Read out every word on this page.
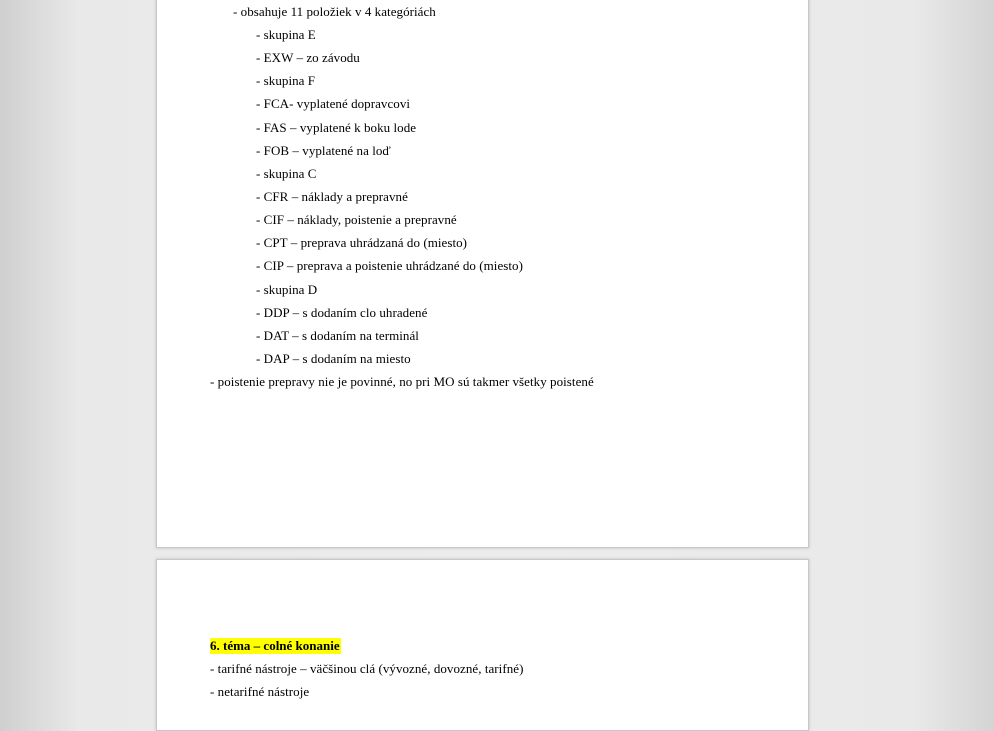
- obsahuje 11 položiek v 4 kategóriách
- skupina E
- EXW – zo závodu
- skupina F
- FCA- vyplatené dopravcovi
- FAS – vyplatené k boku lode
- FOB – vyplatené na loď
- skupina C
- CFR – náklady a prepravné
- CIF – náklady, poistenie a prepravné
- CPT – preprava uhrádzaná do (miesto)
- CIP – preprava a poistenie uhrádzané do (miesto)
- skupina D
- DDP – s dodaním clo uhradené
- DAT – s dodaním na terminál
- DAP – s dodaním na miesto
- poistenie prepravy nie je povinné, no pri MO sú takmer všetky poistené
6. téma – colné konanie
- tarifné nástroje – väčšinou clá (vývozné, dovozné, tarifné)
- netarifné nástroje
